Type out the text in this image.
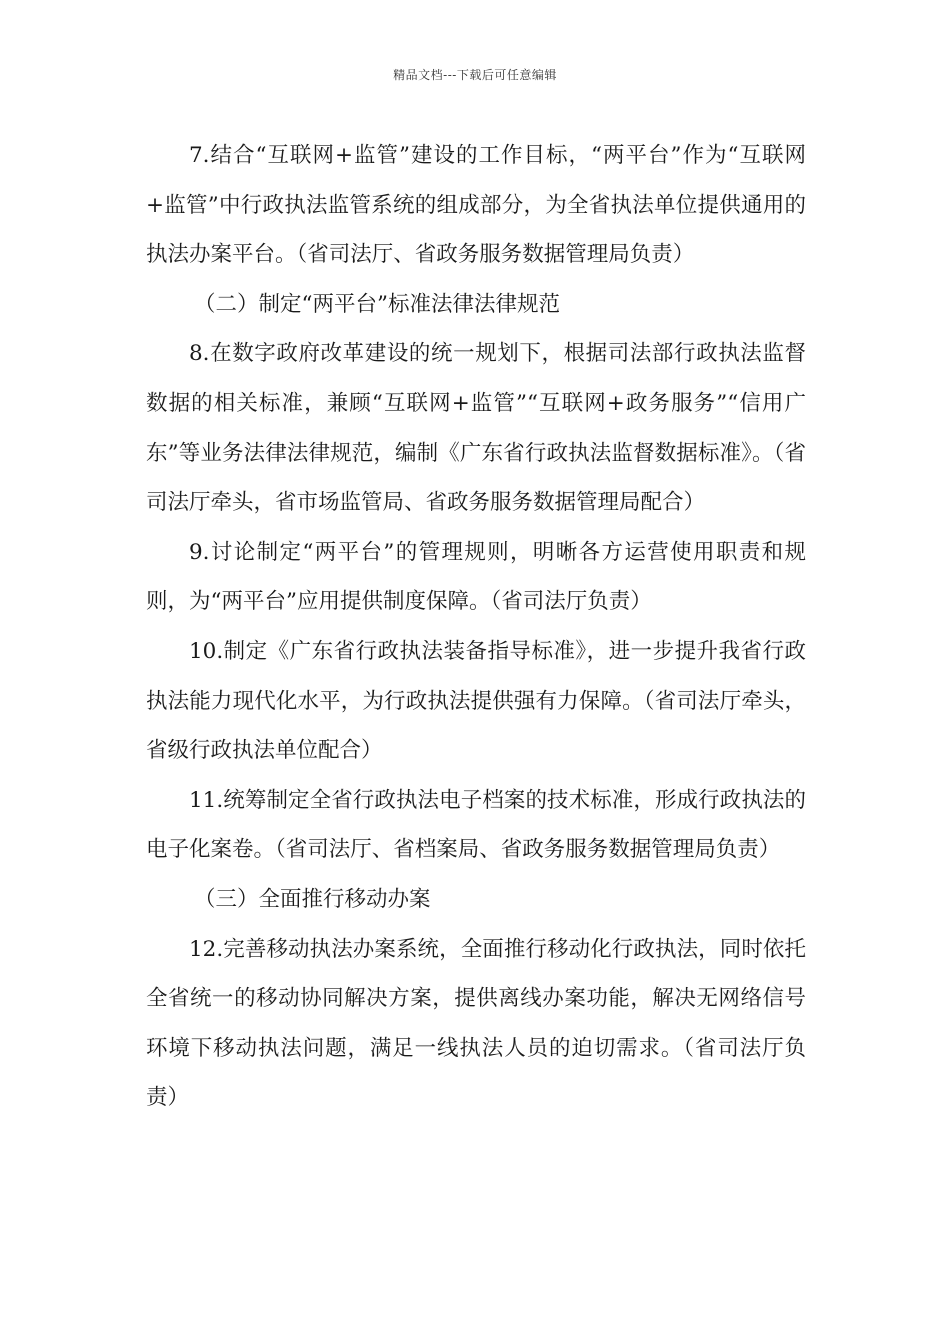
精品文档---下载后可任意编辑

7.结合“互联网+监管”建设的工作目标，“两平台”作为“互联网+监管”中行政执法监管系统的组成部分，为全省执法单位提供通用的执法办案平台。（省司法厅、省政务服务数据管理局负责）

（二）制定“两平台”标准法律法律规范

8.在数字政府改革建设的统一规划下，根据司法部行政执法监督数据的相关标准，兼顾“互联网+监管”“互联网+政务服务”“信用广东”等业务法律法律规范，编制《广东省行政执法监督数据标准》。（省司法厅牵头，省市场监管局、省政务服务数据管理局配合）

9.讨论制定“两平台”的管理规则，明晰各方运营使用职责和规则，为“两平台”应用提供制度保障。（省司法厅负责）

10.制定《广东省行政执法装备指导标准》，进一步提升我省行政执法能力现代化水平，为行政执法提供强有力保障。（省司法厅牵头，省级行政执法单位配合）

11.统筹制定全省行政执法电子档案的技术标准，形成行政执法的电子化案卷。（省司法厅、省档案局、省政务服务数据管理局负责）

（三）全面推行移动办案

12.完善移动执法办案系统，全面推行移动化行政执法，同时依托全省统一的移动协同解决方案，提供离线办案功能，解决无网络信号环境下移动执法问题，满足一线执法人员的迫切需求。（省司法厅负责）
